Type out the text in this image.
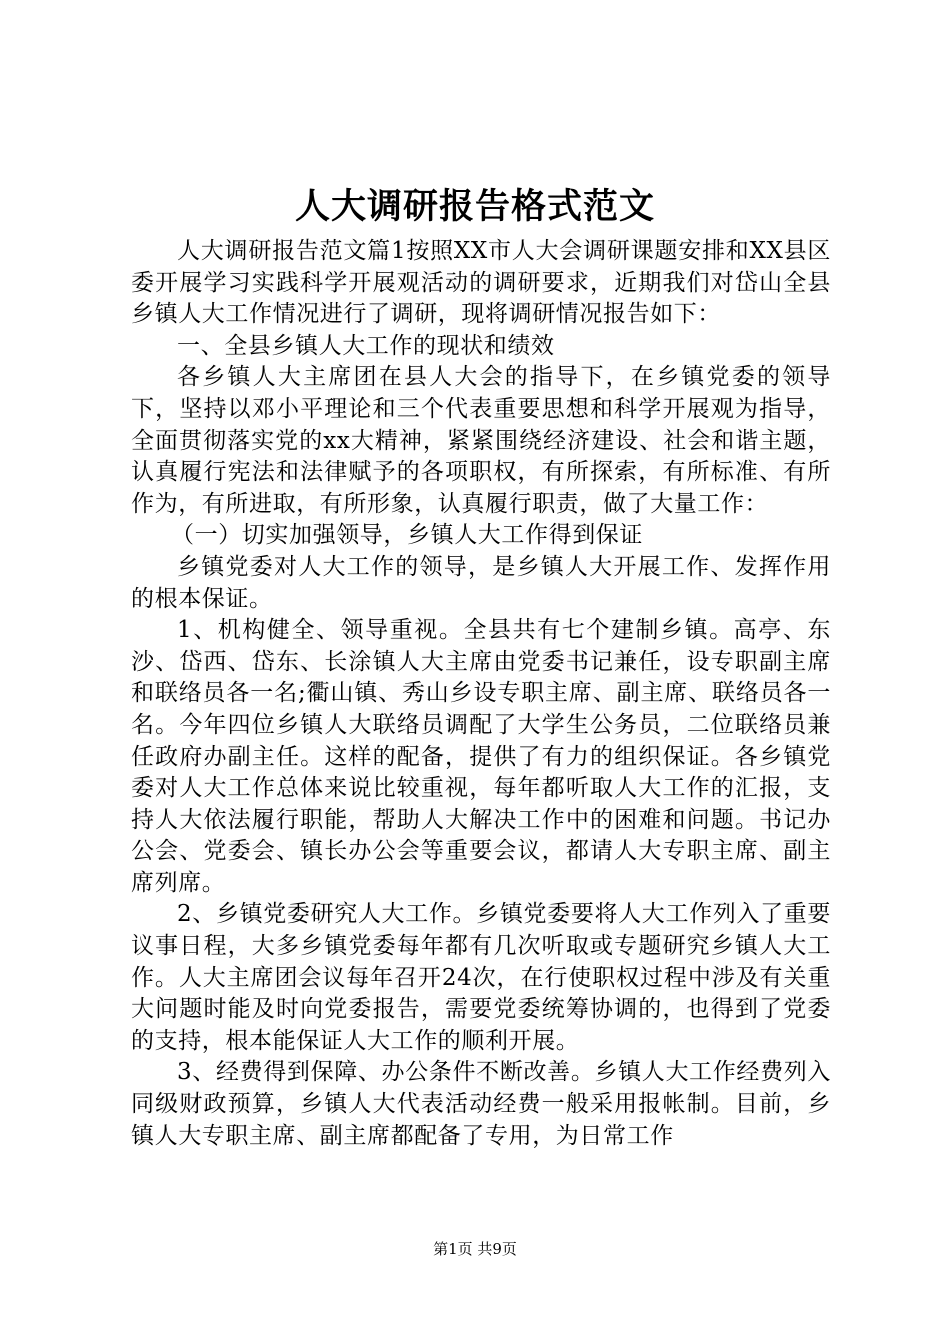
人大调研报告格式范文

人大调研报告范文篇1按照XX市人大会调研课题安排和XX县区委开展学习实践科学开展观活动的调研要求，近期我们对岱山全县乡镇人大工作情况进行了调研，现将调研情况报告如下：

一、全县乡镇人大工作的现状和绩效

各乡镇人大主席团在县人大会的指导下，在乡镇党委的领导下，坚持以邓小平理论和三个代表重要思想和科学开展观为指导，全面贯彻落实党的xx大精神，紧紧围绕经济建设、社会和谐主题，认真履行宪法和法律赋予的各项职权，有所探索，有所标准、有所作为，有所进取，有所形象，认真履行职责，做了大量工作：

（一）切实加强领导，乡镇人大工作得到保证

乡镇党委对人大工作的领导，是乡镇人大开展工作、发挥作用的根本保证。

1、机构健全、领导重视。全县共有七个建制乡镇。高亭、东沙、岱西、岱东、长涂镇人大主席由党委书记兼任，设专职副主席和联络员各一名;衢山镇、秀山乡设专职主席、副主席、联络员各一名。今年四位乡镇人大联络员调配了大学生公务员，二位联络员兼任政府办副主任。这样的配备，提供了有力的组织保证。各乡镇党委对人大工作总体来说比较重视，每年都听取人大工作的汇报，支持人大依法履行职能，帮助人大解决工作中的困难和问题。书记办公会、党委会、镇长办公会等重要会议，都请人大专职主席、副主席列席。

2、乡镇党委研究人大工作。乡镇党委要将人大工作列入了重要议事日程，大多乡镇党委每年都有几次听取或专题研究乡镇人大工作。人大主席团会议每年召开24次，在行使职权过程中涉及有关重大问题时能及时向党委报告，需要党委统筹协调的，也得到了党委的支持，根本能保证人大工作的顺利开展。

3、经费得到保障、办公条件不断改善。乡镇人大工作经费列入同级财政预算，乡镇人大代表活动经费一般采用报帐制。目前，乡镇人大专职主席、副主席都配备了专用，为日常工作

第1页 共9页
